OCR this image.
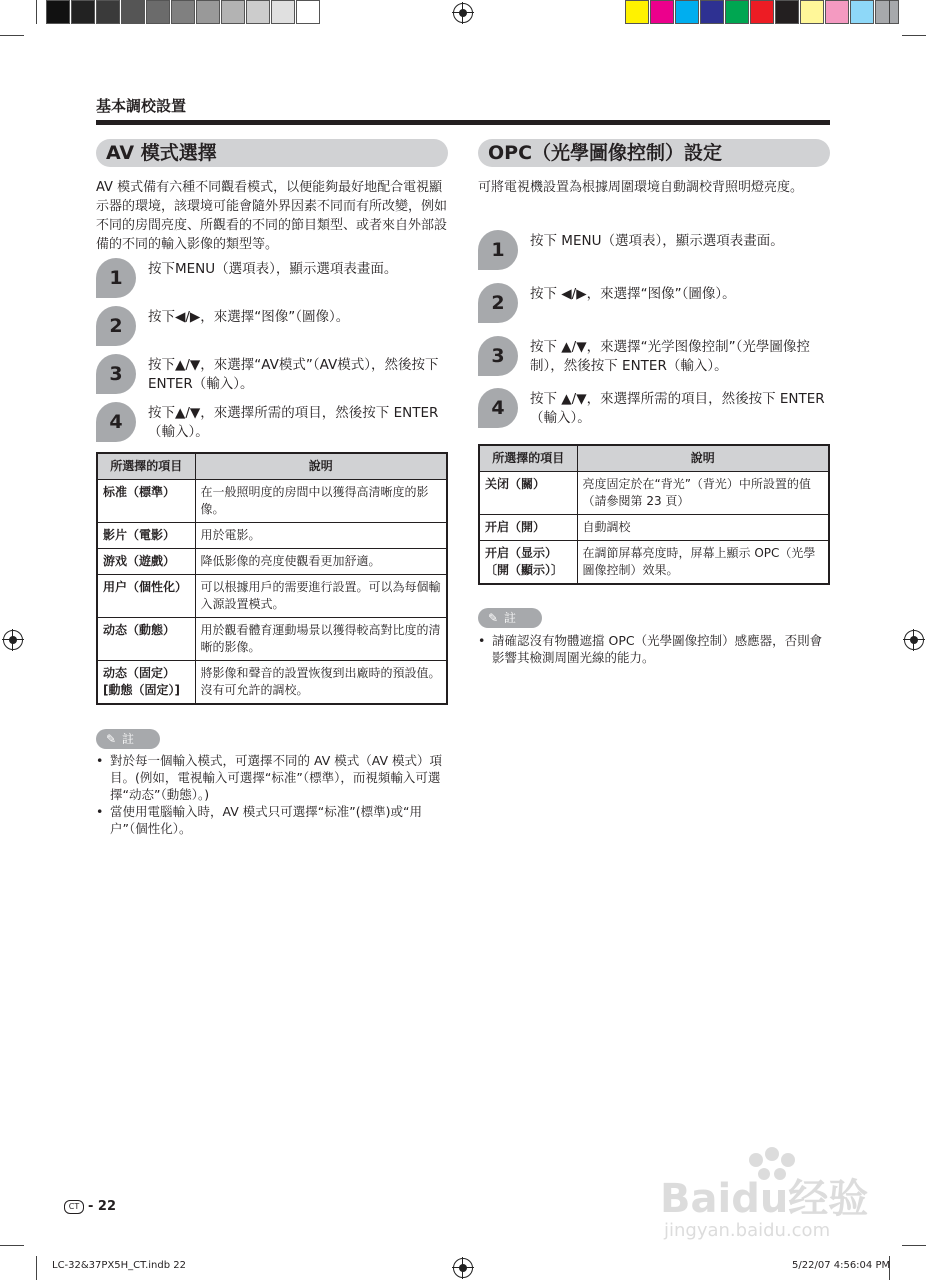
基本調校設置
AV 模式選擇
AV 模式備有六種不同觀看模式，以便能夠最好地配合電視顯示器的環境，該環境可能會隨外界因素不同而有所改變，例如不同的房間亮度、所觀看的不同的節目類型、或者來自外部設備的不同的輸入影像的類型等。
1	按下MENU（選項表），顯示選項表畫面。
2	按下◀/▶，來選擇“图像”（圖像）。
3	按下▲/▼，來選擇“AV模式”（AV模式），然後按下 ENTER（輸入）。
4	按下▲/▼，來選擇所需的項目，然後按下 ENTER（輸入）。
所選擇的項目	說明
标准（標準）	在一般照明度的房間中以獲得高清晰度的影像。
影片（電影）	用於電影。
游戏（遊戲）	降低影像的亮度使觀看更加舒適。
用户（個性化）	可以根據用戶的需要進行設置。可以為每個輸入源設置模式。
动态（動態）	用於觀看體育運動場景以獲得較高對比度的清晰的影像。
动态（固定）[動態（固定）]	將影像和聲音的設置恢復到出廠時的預設值。沒有可允許的調校。
✎ 註
• 對於每一個輸入模式，可選擇不同的 AV 模式（AV 模式）項目。(例如，電視輸入可選擇“标准”（標準），而視頻輸入可選擇“动态”（動態）。)
• 當使用電腦輸入時，AV 模式只可選擇“标准”(標準)或“用户”（個性化）。
OPC（光學圖像控制）設定
可將電視機設置為根據周圍環境自動調校背照明燈亮度。
1	按下 MENU（選項表），顯示選項表畫面。
2	按下 ◀/▶，來選擇“图像”（圖像）。
3	按下 ▲/▼，來選擇“光学图像控制”（光學圖像控制），然後按下 ENTER（輸入）。
4	按下 ▲/▼，來選擇所需的項目，然後按下 ENTER（輸入）。
所選擇的項目	說明
关闭（關）	亮度固定於在“背光”（背光）中所設置的值（請參閱第 23 頁）
开启（開）	自動調校
开启（显示）〔開（顯示）〕	在調節屏幕亮度時，屏幕上顯示 OPC（光學圖像控制）效果。
✎ 註
• 請確認沒有物體遮擋 OPC（光學圖像控制）感應器，否則會影響其檢測周圍光線的能力。
Baidu经验
jingyan.baidu.com
CT - 22
LC-32&37PX5H_CT.indb 22	5/22/07 4:56:04 PM
